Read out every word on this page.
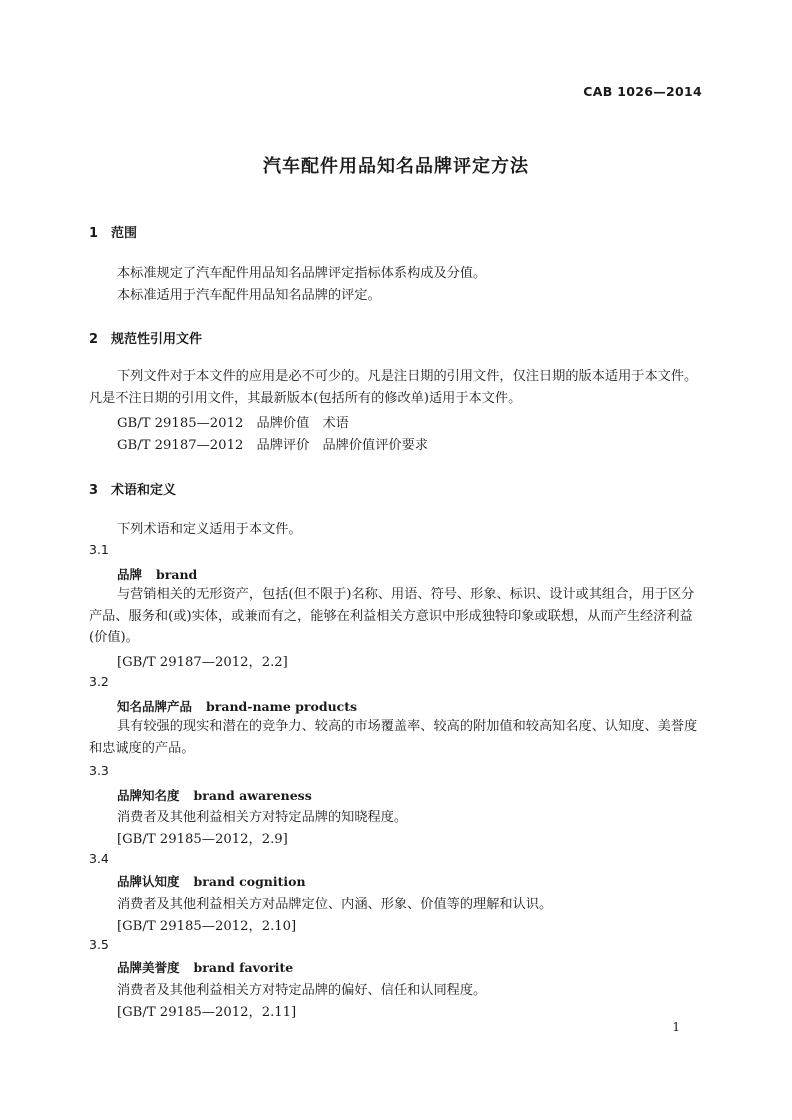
CAB 1026—2014
汽车配件用品知名品牌评定方法
1 范围
本标准规定了汽车配件用品知名品牌评定指标体系构成及分值。
本标准适用于汽车配件用品知名品牌的评定。
2 规范性引用文件
下列文件对于本文件的应用是必不可少的。凡是注日期的引用文件，仅注日期的版本适用于本文件。凡是不注日期的引用文件，其最新版本(包括所有的修改单)适用于本文件。
GB/T 29185—2012　品牌价值　术语
GB/T 29187—2012　品牌评价　品牌价值评价要求
3 术语和定义
下列术语和定义适用于本文件。
3.1
品牌 brand
与营销相关的无形资产，包括(但不限于)名称、用语、符号、形象、标识、设计或其组合，用于区分产品、服务和(或)实体，或兼而有之，能够在利益相关方意识中形成独特印象或联想，从而产生经济利益(价值)。
[GB/T 29187—2012，2.2]
3.2
知名品牌产品 brand-name products
具有较强的现实和潜在的竞争力、较高的市场覆盖率、较高的附加值和较高知名度、认知度、美誉度和忠诚度的产品。
3.3
品牌知名度 brand awareness
消费者及其他利益相关方对特定品牌的知晓程度。
[GB/T 29185—2012，2.9]
3.4
品牌认知度 brand cognition
消费者及其他利益相关方对品牌定位、内涵、形象、价值等的理解和认识。
[GB/T 29185—2012，2.10]
3.5
品牌美誉度 brand favorite
消费者及其他利益相关方对特定品牌的偏好、信任和认同程度。
[GB/T 29185—2012，2.11]
1
